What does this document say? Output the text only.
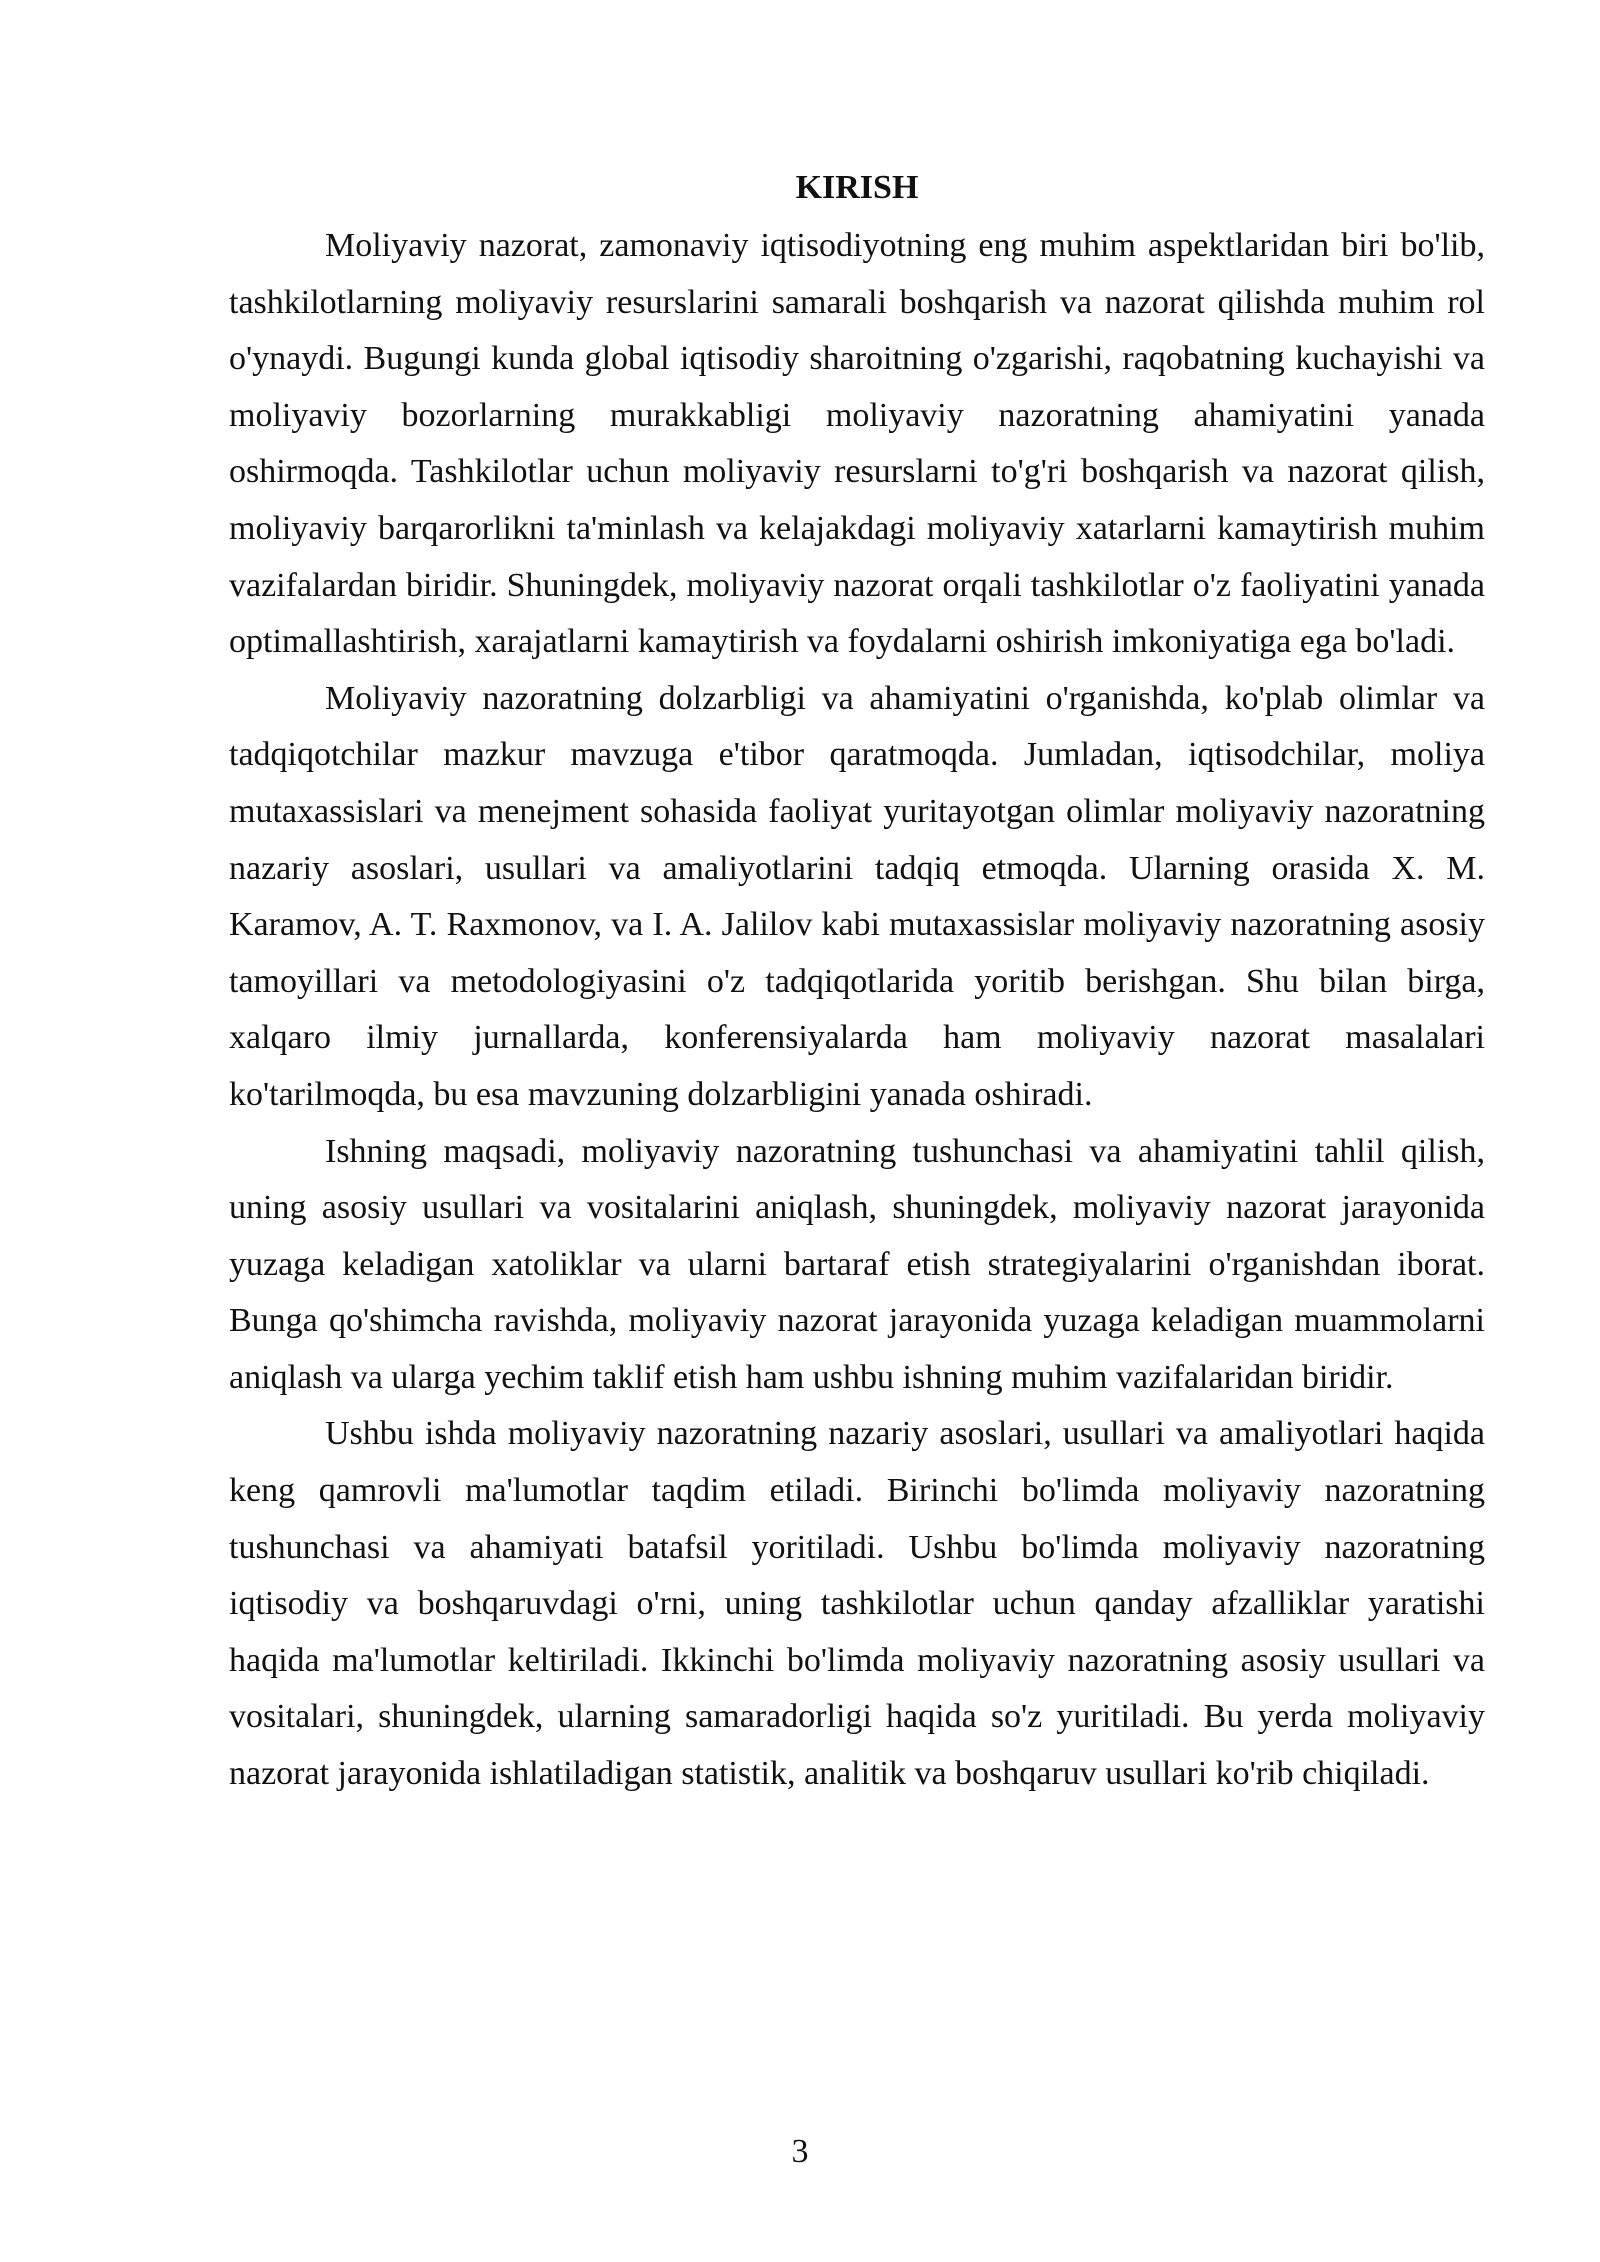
KIRISH

Moliyaviy nazorat, zamonaviy iqtisodiyotning eng muhim aspektlaridan biri bo'lib, tashkilotlarning moliyaviy resurslarini samarali boshqarish va nazorat qilishda muhim rol o'ynaydi. Bugungi kunda global iqtisodiy sharoitning o'zgarishi, raqobatning kuchayishi va moliyaviy bozorlarning murakkabligi moliyaviy nazoratning ahamiyatini yanada oshirmoqda. Tashkilotlar uchun moliyaviy resurslarni to'g'ri boshqarish va nazorat qilish, moliyaviy barqarorlikni ta'minlash va kelajakdagi moliyaviy xatarlarni kamaytirish muhim vazifalardan biridir. Shuningdek, moliyaviy nazorat orqali tashkilotlar o'z faoliyatini yanada optimallashtirish, xarajatlarni kamaytirish va foydalarni oshirish imkoniyatiga ega bo'ladi.

Moliyaviy nazoratning dolzarbligi va ahamiyatini o'rganishda, ko'plab olimlar va tadqiqotchilar mazkur mavzuga e'tibor qaratmoqda. Jumladan, iqtisodchilar, moliya mutaxassislari va menejment sohasida faoliyat yuritayotgan olimlar moliyaviy nazoratning nazariy asoslari, usullari va amaliyotlarini tadqiq etmoqda. Ularning orasida X. M. Karamov, A. T. Raxmonov, va I. A. Jalilov kabi mutaxassislar moliyaviy nazoratning asosiy tamoyillari va metodologiyasini o'z tadqiqotlarida yoritib berishgan. Shu bilan birga, xalqaro ilmiy jurnallarda, konferensiyalarda ham moliyaviy nazorat masalalari ko'tarilmoqda, bu esa mavzuning dolzarbligini yanada oshiradi.

Ishning maqsadi, moliyaviy nazoratning tushunchasi va ahamiyatini tahlil qilish, uning asosiy usullari va vositalarini aniqlash, shuningdek, moliyaviy nazorat jarayonida yuzaga keladigan xatoliklar va ularni bartaraf etish strategiyalarini o'rganishdan iborat. Bunga qo'shimcha ravishda, moliyaviy nazorat jarayonida yuzaga keladigan muammolarni aniqlash va ularga yechim taklif etish ham ushbu ishning muhim vazifalaridan biridir.

Ushbu ishda moliyaviy nazoratning nazariy asoslari, usullari va amaliyotlari haqida keng qamrovli ma'lumotlar taqdim etiladi. Birinchi bo'limda moliyaviy nazoratning tushunchasi va ahamiyati batafsil yoritiladi. Ushbu bo'limda moliyaviy nazoratning iqtisodiy va boshqaruvdagi o'rni, uning tashkilotlar uchun qanday afzalliklar yaratishi haqida ma'lumotlar keltiriladi. Ikkinchi bo'limda moliyaviy nazoratning asosiy usullari va vositalari, shuningdek, ularning samaradorligi haqida so'z yuritiladi. Bu yerda moliyaviy nazorat jarayonida ishlatiladigan statistik, analitik va boshqaruv usullari ko'rib chiqiladi.

3
